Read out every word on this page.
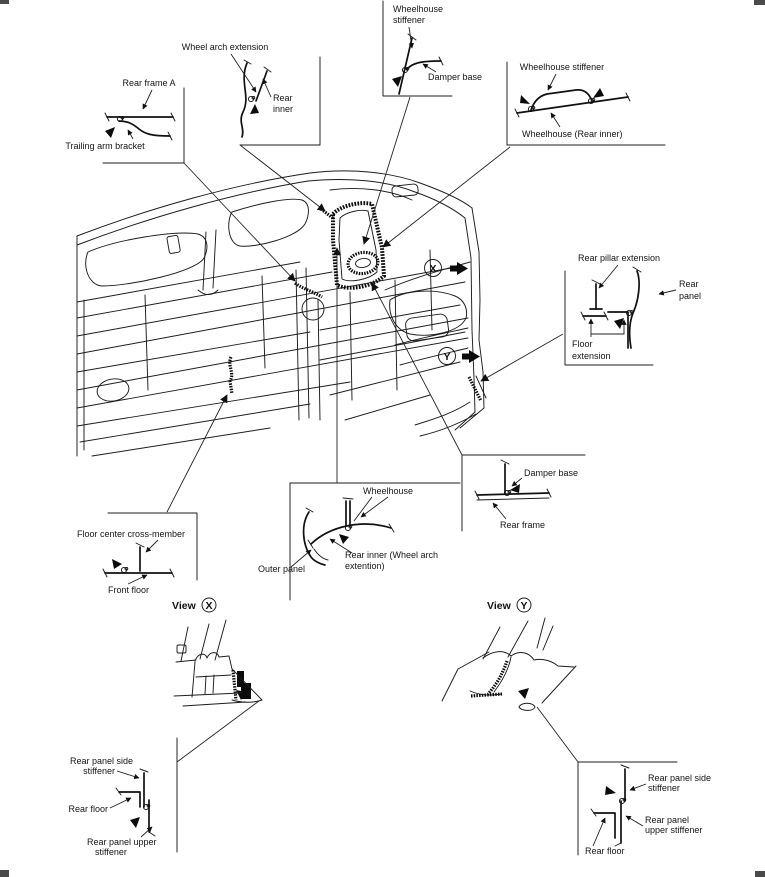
X
Y
Rear frame A
Trailing arm bracket
Wheel arch extension
Rear
inner
Wheelhouse
stiffener
Damper base
Wheelhouse stiffener
Wheelhouse (Rear inner)
Rear pillar extension
Rear
panel
Floor
extension
Wheelhouse
Outer panel
Rear inner (Wheel arch
extention)
Damper base
Rear frame
Floor center cross-member
Front floor
View X	View Y
Rear panel side
stiffener
Rear floor
Rear panel upper
stiffener
Rear panel side
stiffener
Rear panel
upper stiffener
Rear floor
